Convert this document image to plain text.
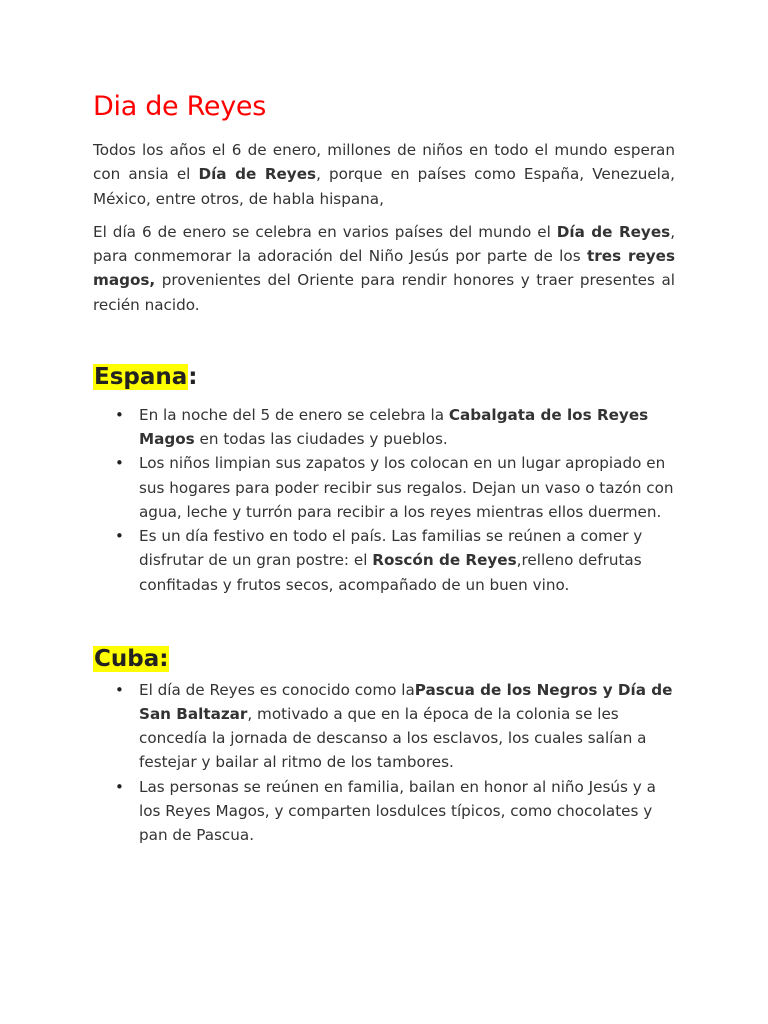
Dia de Reyes

Todos los años el 6 de enero, millones de niños en todo el mundo esperan con ansia el Día de Reyes, porque en países como España, Venezuela, México, entre otros, de habla hispana,

El día 6 de enero se celebra en varios países del mundo el Día de Reyes, para conmemorar la adoración del Niño Jesús por parte de los tres reyes magos, provenientes del Oriente para rendir honores y traer presentes al recién nacido.

Espana:
• En la noche del 5 de enero se celebra la Cabalgata de los Reyes Magos en todas las ciudades y pueblos.
• Los niños limpian sus zapatos y los colocan en un lugar apropiado en sus hogares para poder recibir sus regalos. Dejan un vaso o tazón con agua, leche y turrón para recibir a los reyes mientras ellos duermen.
• Es un día festivo en todo el país. Las familias se reúnen a comer y disfrutar de un gran postre: el Roscón de Reyes,relleno defrutas confitadas y frutos secos, acompañado de un buen vino.
Cuba:
• El día de Reyes es conocido como laPascua de los Negros y Día de San Baltazar, motivado a que en la época de la colonia se les concedía la jornada de descanso a los esclavos, los cuales salían a festejar y bailar al ritmo de los tambores.
• Las personas se reúnen en familia, bailan en honor al niño Jesús y a los Reyes Magos, y comparten losdulces típicos, como chocolates y pan de Pascua.
